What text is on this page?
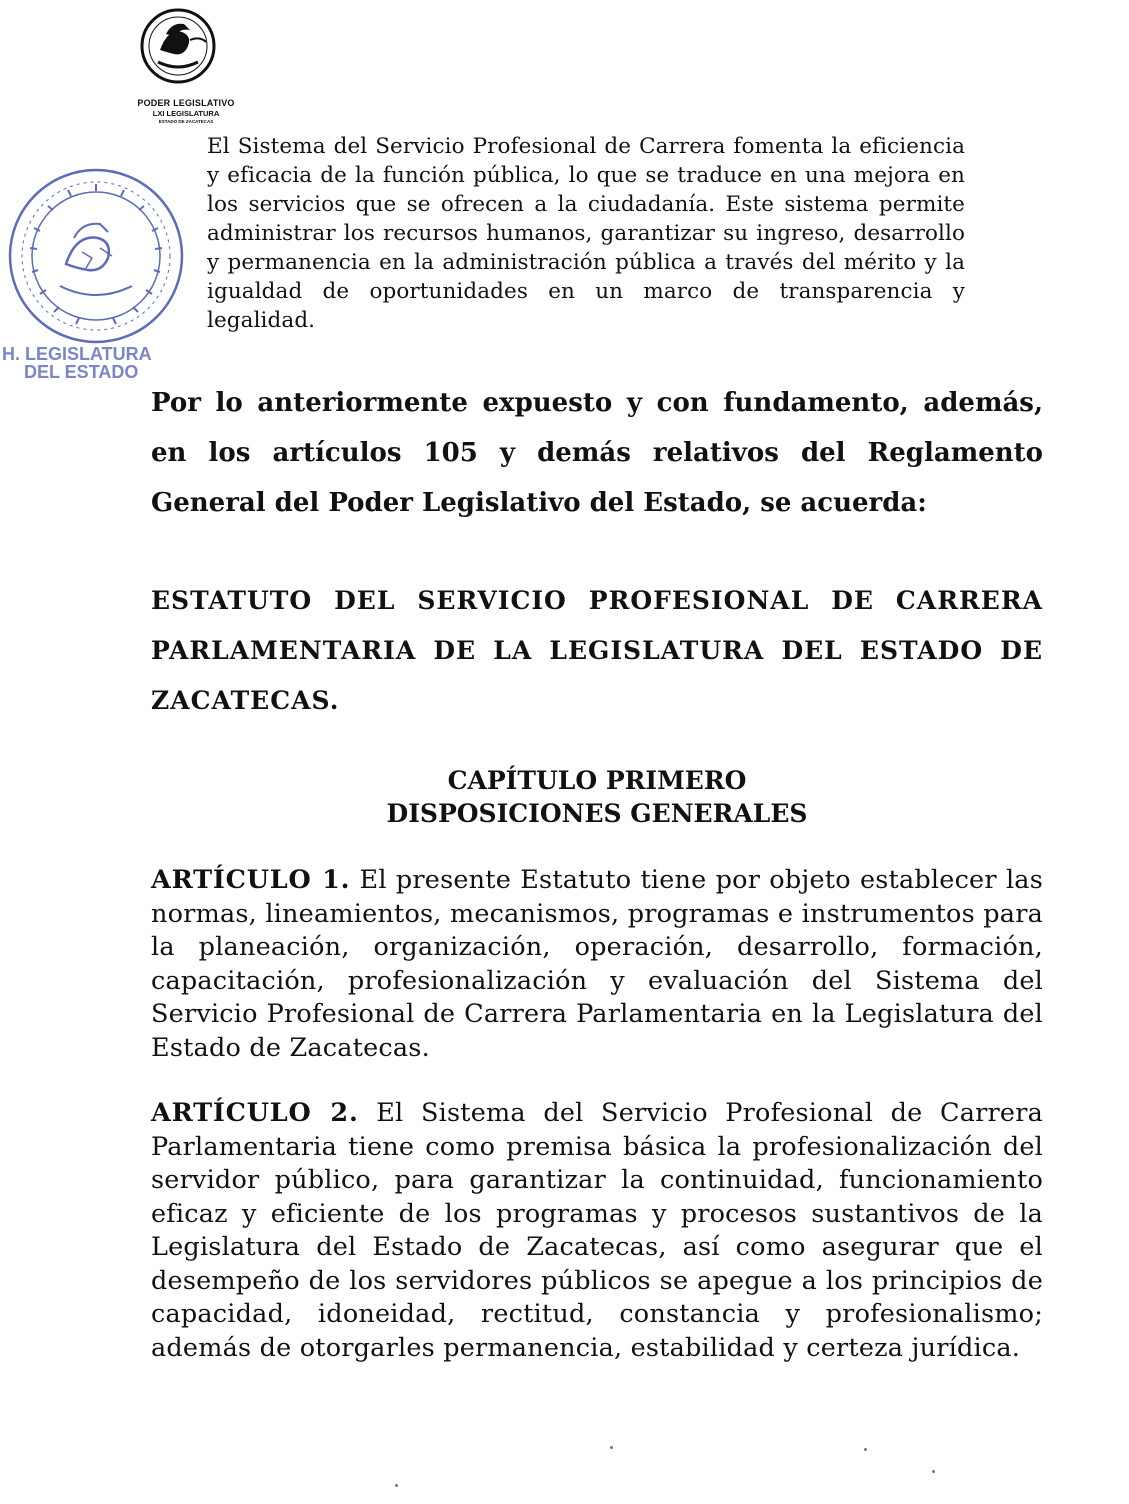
PODER LEGISLATIVO
LXI LEGISLATURA
ESTADO DE ZACATECAS
H. LEGISLATURA
DEL ESTADO
El Sistema del Servicio Profesional de Carrera fomenta la eficiencia y eficacia de la función pública, lo que se traduce en una mejora en los servicios que se ofrecen a la ciudadanía. Este sistema permite administrar los recursos humanos, garantizar su ingreso, desarrollo y permanencia en la administración pública a través del mérito y la igualdad de oportunidades en un marco de transparencia y legalidad.
Por lo anteriormente expuesto y con fundamento, además, en los artículos 105 y demás relativos del Reglamento General del Poder Legislativo del Estado, se acuerda:
ESTATUTO DEL SERVICIO PROFESIONAL DE CARRERA PARLAMENTARIA DE LA LEGISLATURA DEL ESTADO DE ZACATECAS.
CAPÍTULO PRIMERO
DISPOSICIONES GENERALES
ARTÍCULO 1. El presente Estatuto tiene por objeto establecer las normas, lineamientos, mecanismos, programas e instrumentos para la planeación, organización, operación, desarrollo, formación, capacitación, profesionalización y evaluación del Sistema del Servicio Profesional de Carrera Parlamentaria en la Legislatura del Estado de Zacatecas.
ARTÍCULO 2. El Sistema del Servicio Profesional de Carrera Parlamentaria tiene como premisa básica la profesionalización del servidor público, para garantizar la continuidad, funcionamiento eficaz y eficiente de los programas y procesos sustantivos de la Legislatura del Estado de Zacatecas, así como asegurar que el desempeño de los servidores públicos se apegue a los principios de capacidad, idoneidad, rectitud, constancia y profesionalismo; además de otorgarles permanencia, estabilidad y certeza jurídica.
